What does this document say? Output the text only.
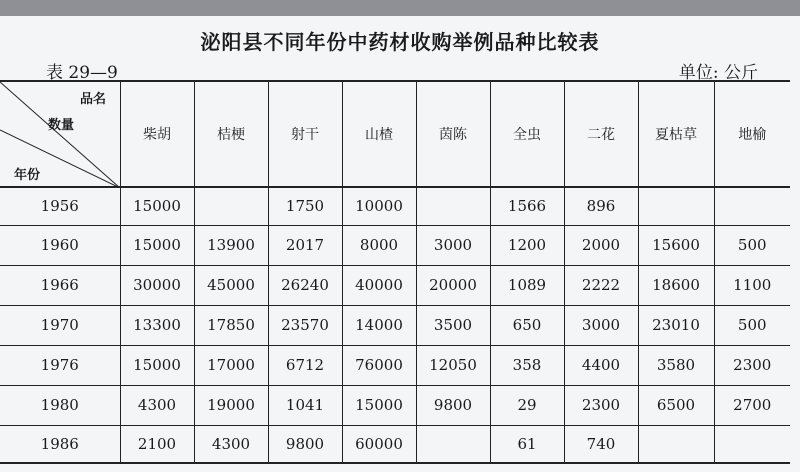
泌阳县不同年份中药材收购举例品种比较表
表 29—9	单位: 公斤
品名
数量
年份	柴胡	桔梗	射干	山楂	茵陈	全虫	二花	夏枯草	地榆
1956	15000		1750	10000		1566	896		
1960	15000	13900	2017	8000	3000	1200	2000	15600	500
1966	30000	45000	26240	40000	20000	1089	2222	18600	1100
1970	13300	17850	23570	14000	3500	650	3000	23010	500
1976	15000	17000	6712	76000	12050	358	4400	3580	2300
1980	4300	19000	1041	15000	9800	29	2300	6500	2700
1986	2100	4300	9800	60000		61	740		
